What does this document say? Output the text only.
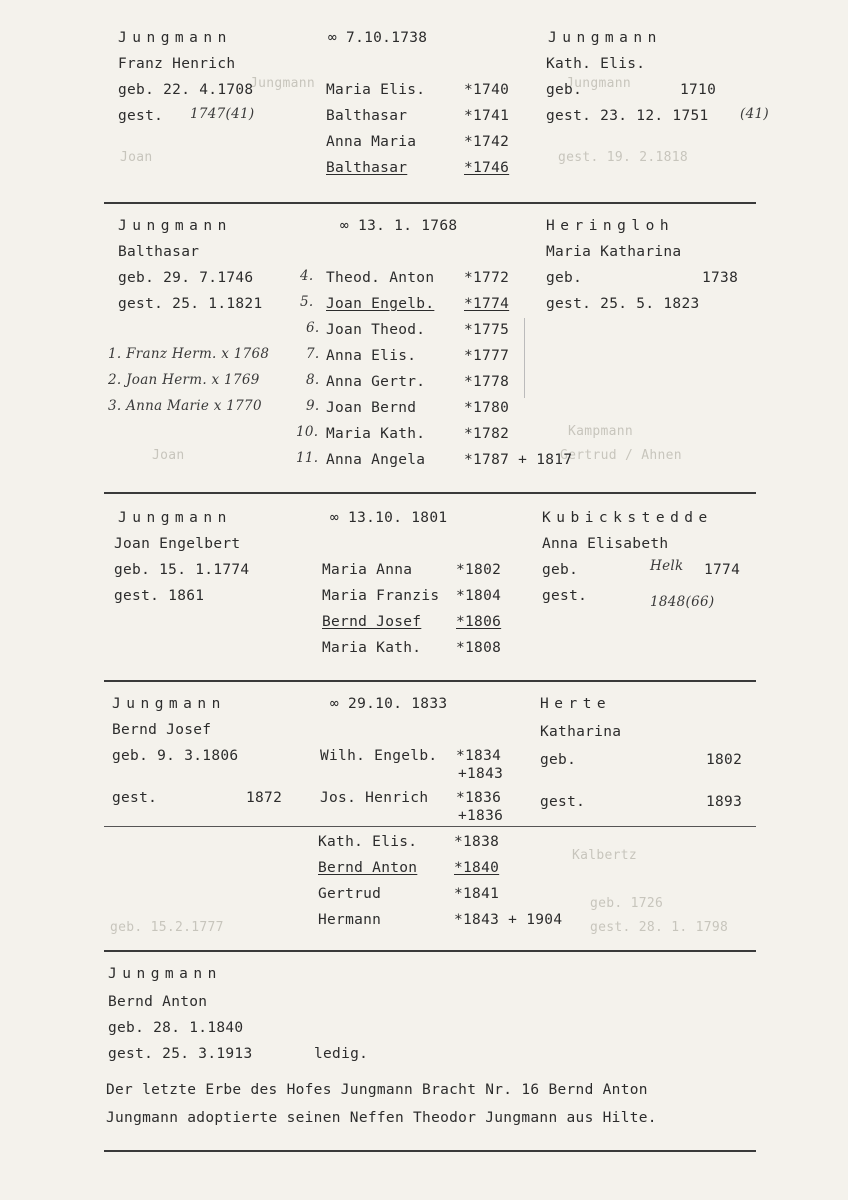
Jungmann	Jungmann
Joan	gest. 19. 2.1818
Kampmann
Joan	Gertrud / Ahnen
Kalbertz
geb. 1726
gest. 28. 1. 1798
geb. 15.2.1777
Jungmann	∞ 7.10.1738	Jungmann
Franz Henrich	Kath. Elis.
geb. 22. 4.1708	geb.	1710
gest. 1747(41)	gest. 23. 12. 1751 (41)
Maria Elis.	*1740
Balthasar	*1741
Anna Maria	*1742
Balthasar	*1746
Jungmann	∞ 13. 1. 1768	Heringloh
Balthasar	Maria Katharina
geb. 29. 7.1746	geb.	1738
gest. 25. 1.1821	gest. 25. 5. 1823
1. Franz Herm. x 1768
2. Joan Herm. x 1769
3. Anna Marie x 1770
4. Theod. Anton *1772
5. Joan Engelb. *1774
6. Joan Theod.	*1775
7. Anna Elis.	*1777
8. Anna Gertr.	*1778
9. Joan Bernd	*1780
10. Maria Kath.	*1782
11. Anna Angela	*1787 + 1817
Jungmann	∞ 13.10. 1801	Kubickstedde
Joan Engelbert	Anna Elisabeth
geb. 15. 1.1774	geb.	Helk 1774
gest. 1861	gest.	1848(66)
Maria Anna	*1802
Maria Franzis *1804
Bernd Josef *1806
Maria Kath. *1808
Jungmann	∞ 29.10. 1833	Herte
Bernd Josef	Katharina
geb. 9. 3.1806	geb.	1802
gest.	1872	gest.	1893
Wilh. Engelb. *1834
+1843
Jos. Henrich *1836
+1836
Kath. Elis.	*1838
Bernd Anton	*1840
Gertrud	*1841
Hermann	*1843 + 1904
Jungmann
Bernd Anton
geb. 28. 1.1840
gest. 25. 3.1913	ledig.
Der letzte Erbe des Hofes Jungmann Bracht Nr. 16 Bernd Anton
Jungmann adoptierte seinen Neffen Theodor Jungmann aus Hilte.
